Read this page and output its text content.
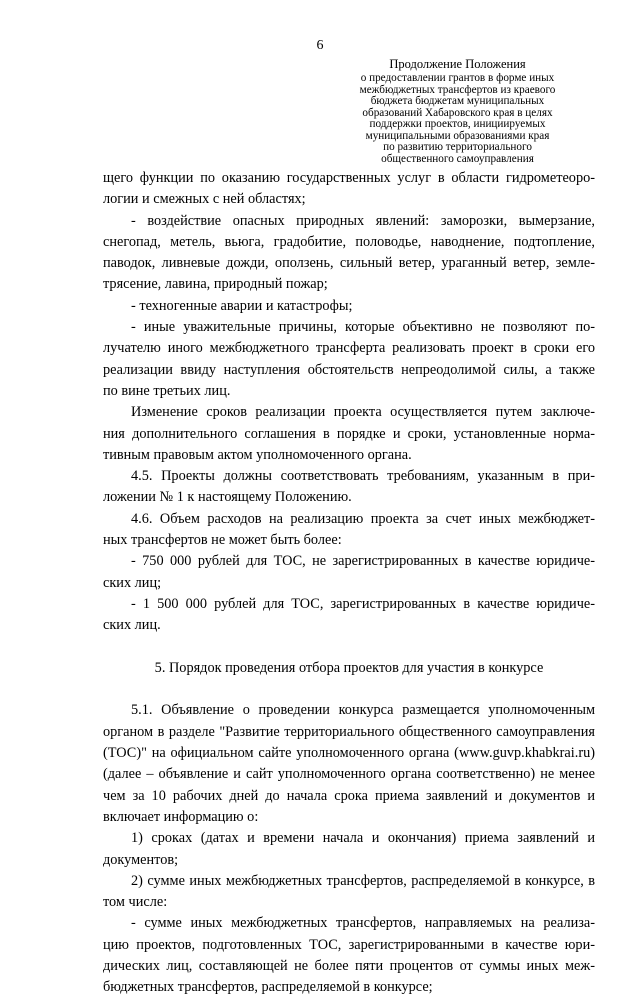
6
Продолжение Положения
о предоставлении грантов в форме иных
межбюджетных трансфертов из краевого
бюджета бюджетам муниципальных
образований Хабаровского края в целях
поддержки проектов, инициируемых
муниципальными образованиями края
по развитию территориального
общественного самоуправления

щего функции по оказанию государственных услуг в области гидрометеоро-

логии и смежных с ней областях;

- воздействие опасных природных явлений: заморозки, вымерзание,

снегопад, метель, вьюга, градобитие, половодье, наводнение, подтопление,

паводок, ливневые дожди, оползень, сильный ветер, ураганный ветер, земле-

трясение, лавина, природный пожар;

- техногенные аварии и катастрофы;

- иные уважительные причины, которые объективно не позволяют по-

лучателю иного межбюджетного трансферта реализовать проект в сроки его

реализации ввиду наступления обстоятельств непреодолимой силы, а также

по вине третьих лиц.

Изменение сроков реализации проекта осуществляется путем заключе-

ния дополнительного соглашения в порядке и сроки, установленные норма-

тивным правовым актом уполномоченного органа.

4.5. Проекты должны соответствовать требованиям, указанным в при-

ложении № 1 к настоящему Положению.

4.6. Объем расходов на реализацию проекта за счет иных межбюджет-

ных трансфертов не может быть более:

- 750 000 рублей для ТОС, не зарегистрированных в качестве юридиче-

ских лиц;

- 1 500 000 рублей для ТОС, зарегистрированных в качестве юридиче-

ских лиц.

5. Порядок проведения отбора проектов для участия в конкурсе

5.1. Объявление о проведении конкурса размещается уполномоченным

органом в разделе "Развитие территориального общественного самоуправления

(ТОС)" на официальном сайте уполномоченного органа (www.guvp.khabkrai.ru)

(далее – объявление и сайт уполномоченного органа соответственно) не менее

чем за 10 рабочих дней до начала срока приема заявлений и документов и

включает информацию о:

1) сроках (датах и времени начала и окончания) приема заявлений и

документов;

2) сумме иных межбюджетных трансфертов, распределяемой в конкурсе, в

том числе:

- сумме иных межбюджетных трансфертов, направляемых на реализа-

цию проектов, подготовленных ТОС, зарегистрированными в качестве юри-

дических лиц, составляющей не более пяти процентов от суммы иных меж-

бюджетных трансфертов, распределяемой в конкурсе;
